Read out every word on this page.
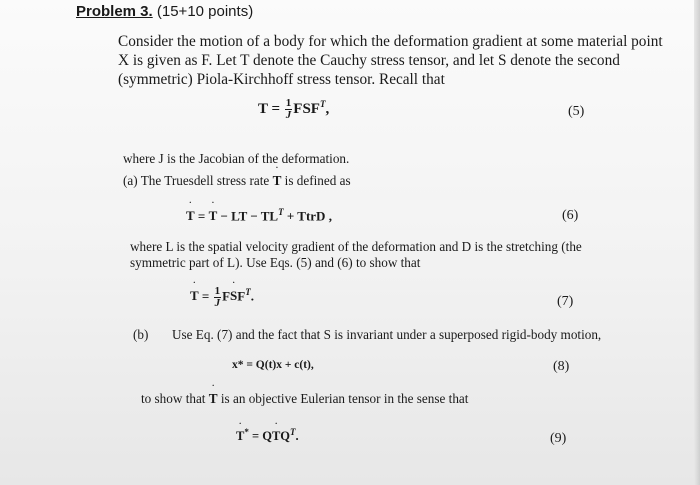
Problem 3. (15+10 points)
Consider the motion of a body for which the deformation gradient at some material point
X is given as F. Let T denote the Cauchy stress tensor, and let S denote the second
(symmetric) Piola-Kirchhoff stress tensor. Recall that
$T = \frac{1}{J} FSF^T$,	(5)
where J is the Jacobian of the deformation.
(a) The Truesdell stress rate ˙ T is defined as
˙ T = ˙ T − LT − $TL^T$ + TtrD ,	(6)
where L is the spatial velocity gradient of the deformation and D is the stretching (the
symmetric part of L). Use Eqs. (5) and (6) to show that
˙ $T = \frac{1}{J}$ F˙ $SF^T$.	(7)
(b) Use Eq. (7) and the fact that S is invariant under a superposed rigid-body motion,
x* = Q(t)x + c(t),	(8)
to show that ˙ T is an objective Eulerian tensor in the sense that
˙ T* = Q˙ $TQ^T$.	(9)
